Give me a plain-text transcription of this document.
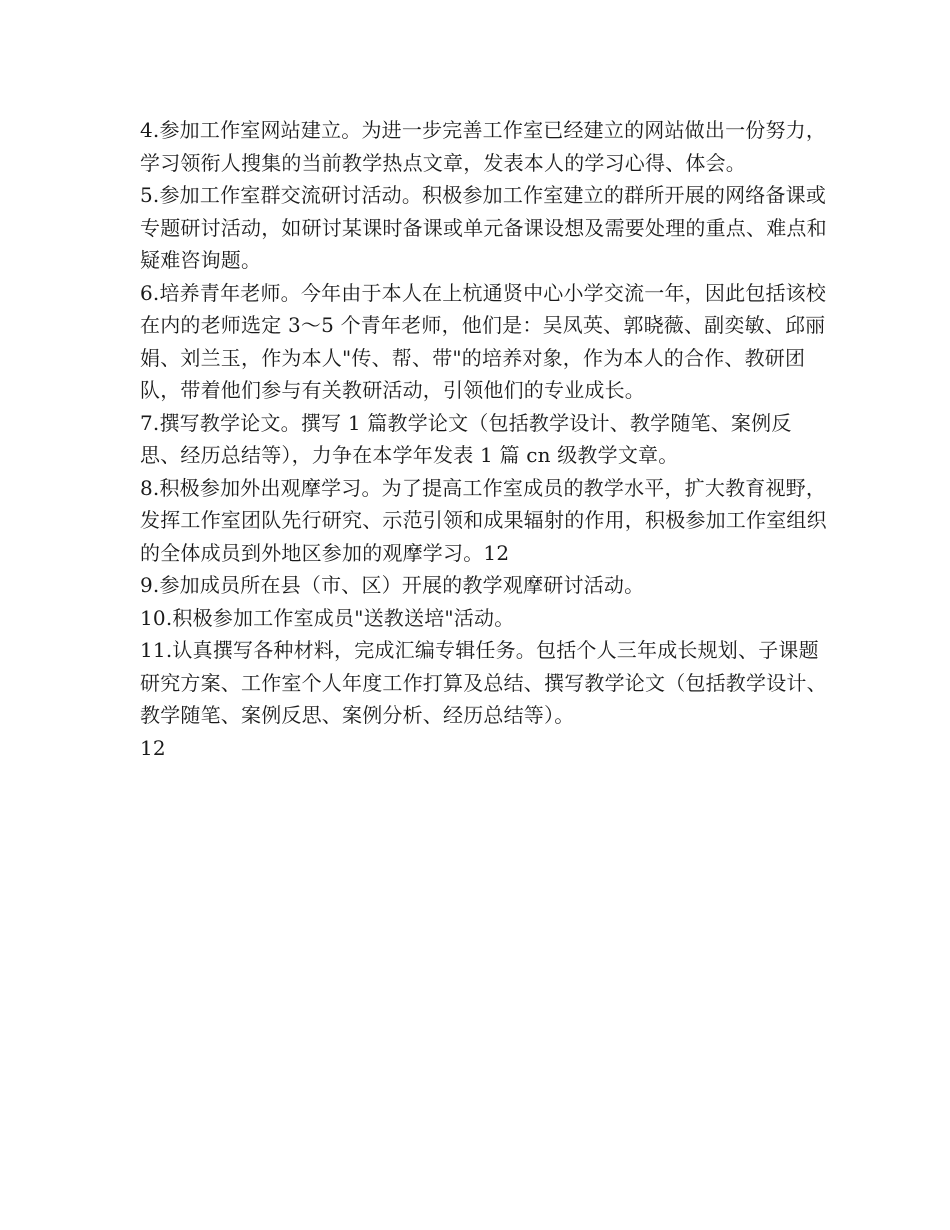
4.参加工作室网站建立。为进一步完善工作室已经建立的网站做出一份努力，学习领衔人搜集的当前教学热点文章，发表本人的学习心得、体会。

5.参加工作室群交流研讨活动。积极参加工作室建立的群所开展的网络备课或专题研讨活动，如研讨某课时备课或单元备课设想及需要处理的重点、难点和疑难咨询题。

6.培养青年老师。今年由于本人在上杭通贤中心小学交流一年，因此包括该校在内的老师选定 3～5 个青年老师，他们是：吴凤英、郭晓薇、副奕敏、邱丽娟、刘兰玉，作为本人"传、帮、带"的培养对象，作为本人的合作、教研团队，带着他们参与有关教研活动，引领他们的专业成长。

7.撰写教学论文。撰写 1 篇教学论文（包括教学设计、教学随笔、案例反思、经历总结等），力争在本学年发表 1 篇 cn 级教学文章。

8.积极参加外出观摩学习。为了提高工作室成员的教学水平，扩大教育视野，发挥工作室团队先行研究、示范引领和成果辐射的作用，积极参加工作室组织的全体成员到外地区参加的观摩学习。12

9.参加成员所在县（市、区）开展的教学观摩研讨活动。

10.积极参加工作室成员"送教送培"活动。

11.认真撰写各种材料，完成汇编专辑任务。包括个人三年成长规划、子课题研究方案、工作室个人年度工作打算及总结、撰写教学论文（包括教学设计、教学随笔、案例反思、案例分析、经历总结等）。

12
